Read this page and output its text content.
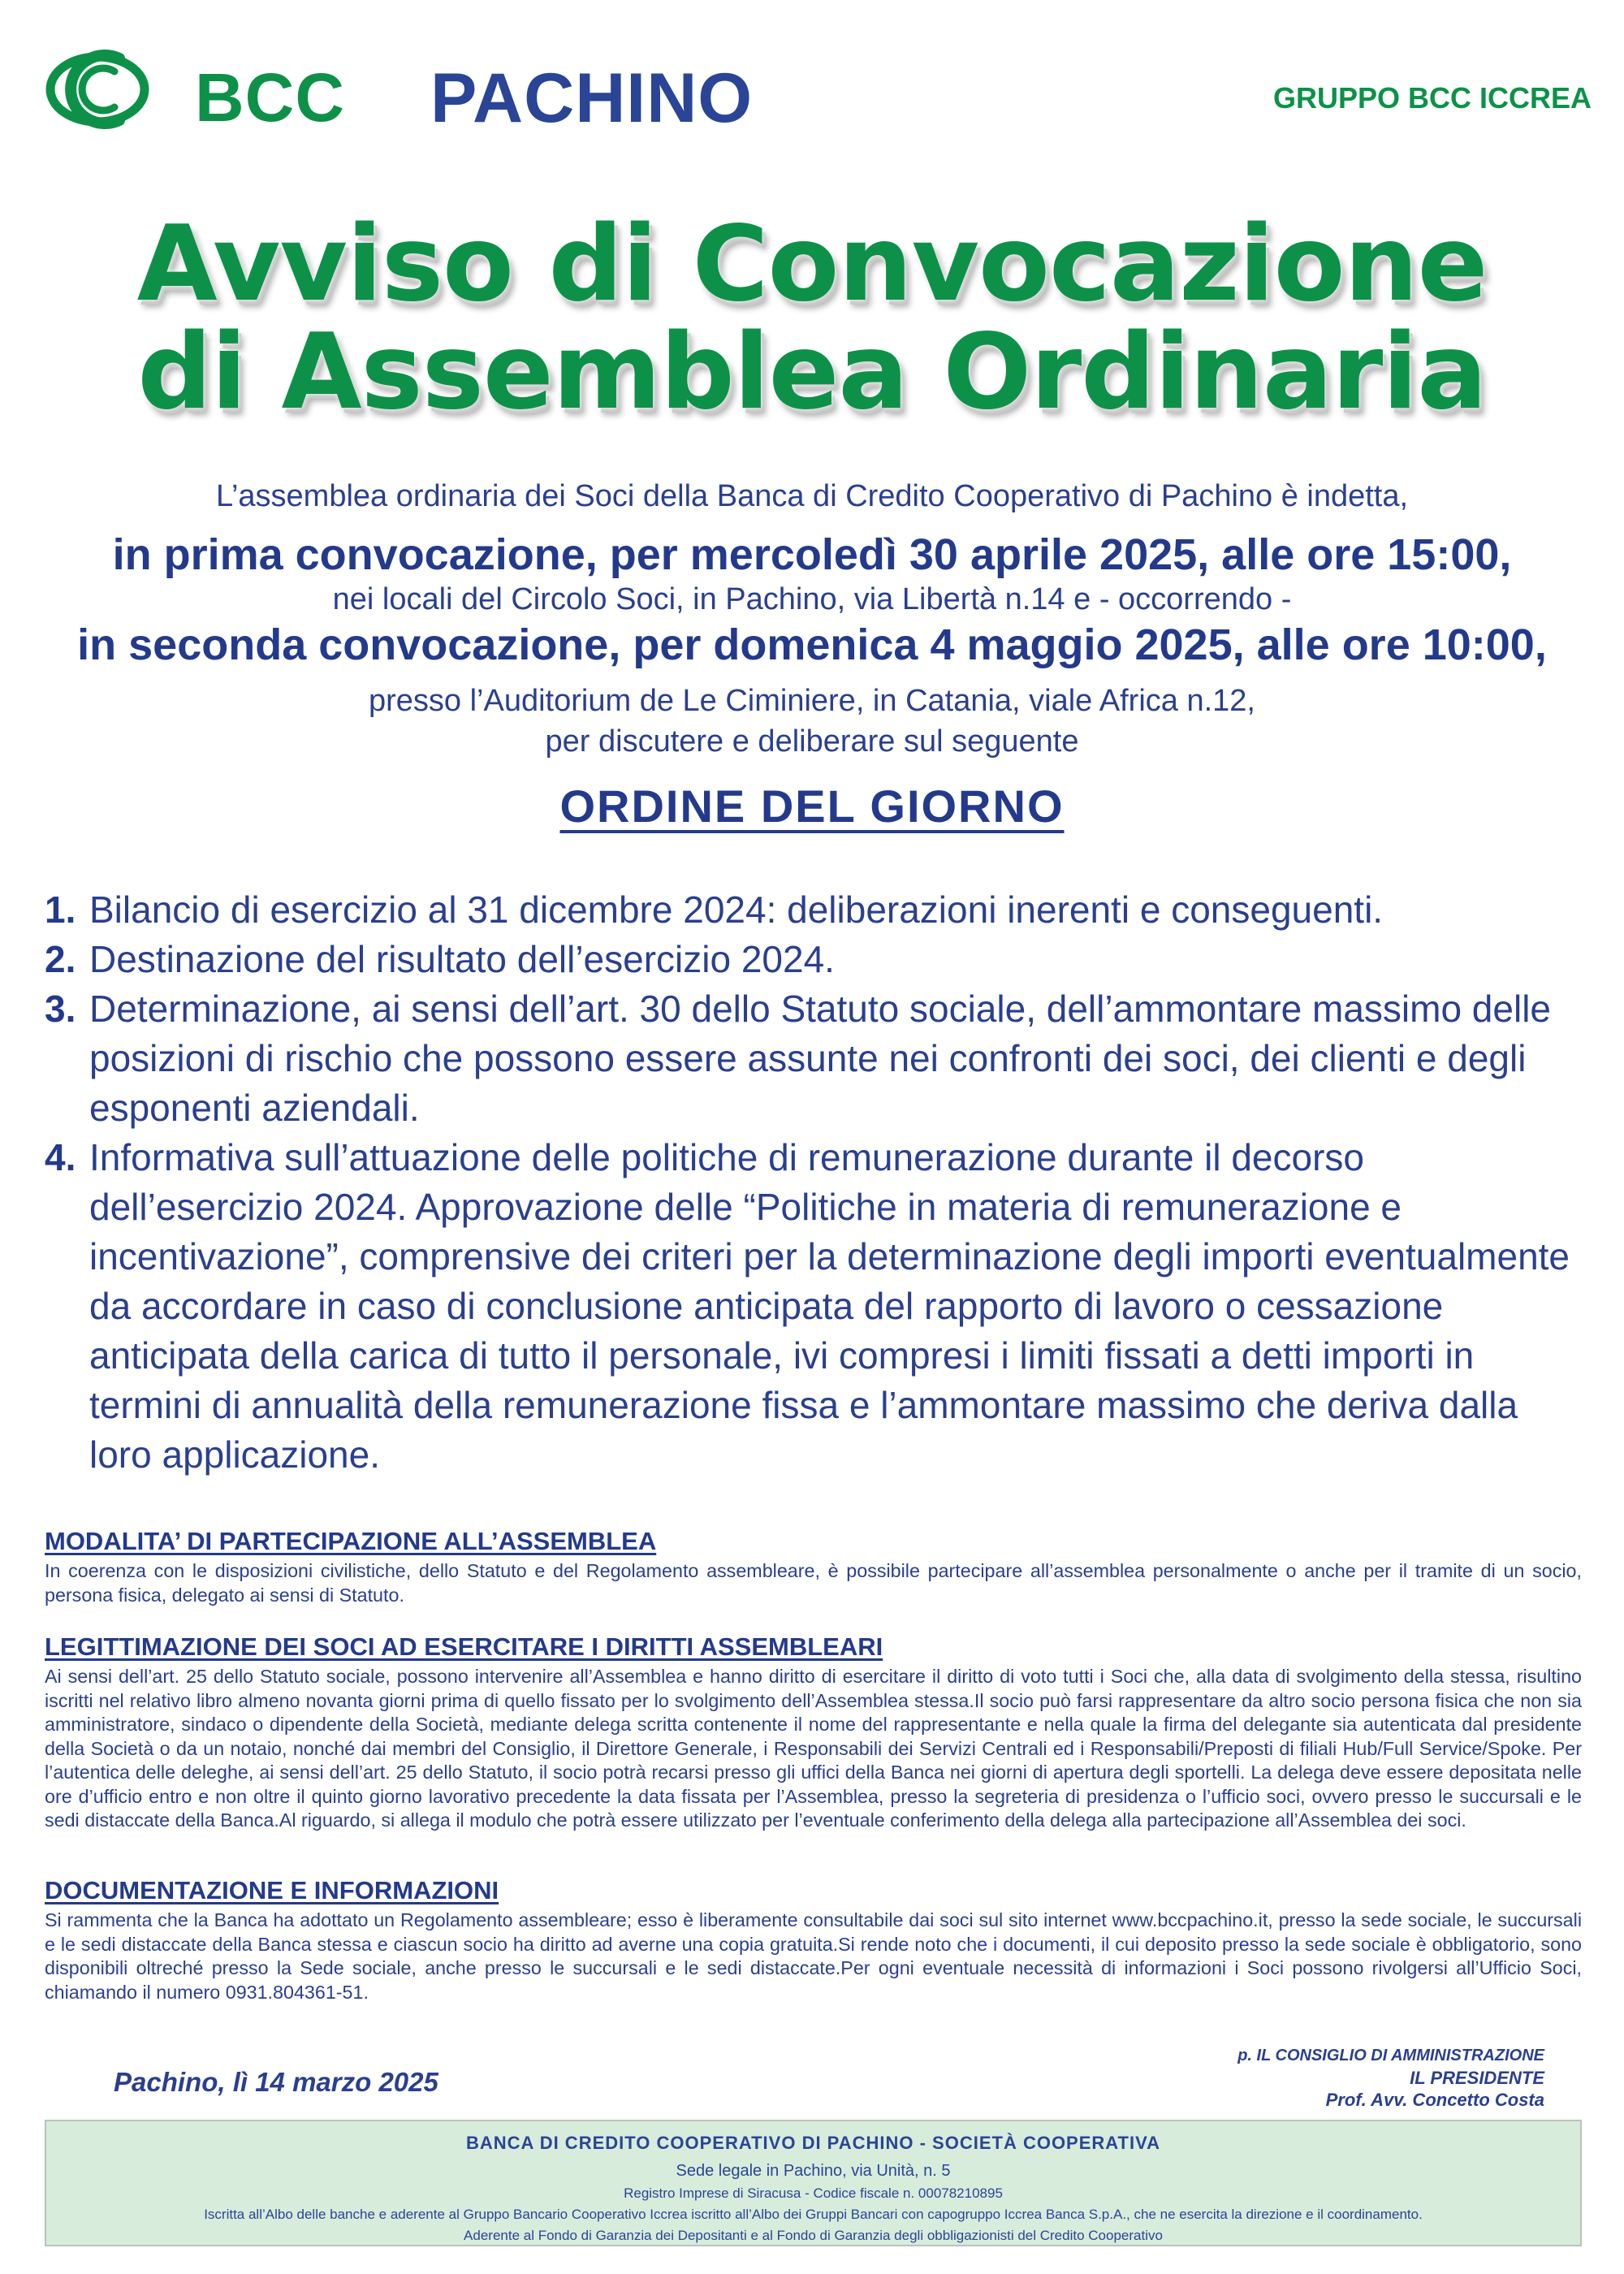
BCC PACHINO	GRUPPO BCC ICCREA
Avviso di Convocazione
di Assemblea Ordinaria
L’assemblea ordinaria dei Soci della Banca di Credito Cooperativo di Pachino è indetta,
in prima convocazione, per mercoledì 30 aprile 2025, alle ore 15:00,
nei locali del Circolo Soci, in Pachino, via Libertà n.14 e - occorrendo -
in seconda convocazione, per domenica 4 maggio 2025, alle ore 10:00,
presso l’Auditorium de Le Ciminiere, in Catania, viale Africa n.12,
per discutere e deliberare sul seguente
ORDINE DEL GIORNO
1. Bilancio di esercizio al 31 dicembre 2024: deliberazioni inerenti e conseguenti.
2. Destinazione del risultato dell’esercizio 2024.
3. Determinazione, ai sensi dell’art. 30 dello Statuto sociale, dell’ammontare massimo delle posizioni di rischio che possono essere assunte nei confronti dei soci, dei clienti e degli esponenti aziendali.
4. Informativa sull’attuazione delle politiche di remunerazione durante il decorso dell’esercizio 2024. Approvazione delle “Politiche in materia di remunerazione e incentivazione”, comprensive dei criteri per la determinazione degli importi eventualmente da accordare in caso di conclusione anticipata del rapporto di lavoro o cessazione anticipata della carica di tutto il personale, ivi compresi i limiti fissati a detti importi in termini di annualità della remunerazione fissa e l’ammontare massimo che deriva dalla loro applicazione.
MODALITA’ DI PARTECIPAZIONE ALL’ASSEMBLEA
In coerenza con le disposizioni civilistiche, dello Statuto e del Regolamento assembleare, è possibile partecipare all’assemblea personalmente o anche per il tramite di un socio, persona fisica, delegato ai sensi di Statuto.
LEGITTIMAZIONE DEI SOCI AD ESERCITARE I DIRITTI ASSEMBLEARI
Ai sensi dell’art. 25 dello Statuto sociale, possono intervenire all’Assemblea e hanno diritto di esercitare il diritto di voto tutti i Soci che, alla data di svolgimento della stessa, risultino iscritti nel relativo libro almeno novanta giorni prima di quello fissato per lo svolgimento dell’Assemblea stessa.Il socio può farsi rappresentare da altro socio persona fisica che non sia amministratore, sindaco o dipendente della Società, mediante delega scritta contenente il nome del rappresentante e nella quale la firma del delegante sia autenticata dal presidente della Società o da un notaio, nonché dai membri del Consiglio, il Direttore Generale, i Responsabili dei Servizi Centrali ed i Responsabili/Preposti di filiali Hub/Full Service/Spoke. Per l’autentica delle deleghe, ai sensi dell’art. 25 dello Statuto, il socio potrà recarsi presso gli uffici della Banca nei giorni di apertura degli sportelli. La delega deve essere depositata nelle ore d’ufficio entro e non oltre il quinto giorno lavorativo precedente la data fissata per l’Assemblea, presso la segreteria di presidenza o l’ufficio soci, ovvero presso le succursali e le sedi distaccate della Banca.Al riguardo, si allega il modulo che potrà essere utilizzato per l’eventuale conferimento della delega alla partecipazione all’Assemblea dei soci.
DOCUMENTAZIONE E INFORMAZIONI
Si rammenta che la Banca ha adottato un Regolamento assembleare; esso è liberamente consultabile dai soci sul sito internet www.bccpachino.it, presso la sede sociale, le succursali e le sedi distaccate della Banca stessa e ciascun socio ha diritto ad averne una copia gratuita.Si rende noto che i documenti, il cui deposito presso la sede sociale è obbligatorio, sono disponibili oltreché presso la Sede sociale, anche presso le succursali e le sedi distaccate.Per ogni eventuale necessità di informazioni i Soci possono rivolgersi all’Ufficio Soci, chiamando il numero 0931.804361-51.
Pachino, lì 14 marzo 2025
p. IL CONSIGLIO DI AMMINISTRAZIONE
IL PRESIDENTE
Prof. Avv. Concetto Costa
BANCA DI CREDITO COOPERATIVO DI PACHINO - SOCIETÀ COOPERATIVA
Sede legale in Pachino, via Unità, n. 5
Registro Imprese di Siracusa - Codice fiscale n. 00078210895
Iscritta all’Albo delle banche e aderente al Gruppo Bancario Cooperativo Iccrea iscritto all’Albo dei Gruppi Bancari con capogruppo Iccrea Banca S.p.A., che ne esercita la direzione e il coordinamento.
Aderente al Fondo di Garanzia dei Depositanti e al Fondo di Garanzia degli obbligazionisti del Credito Cooperativo
